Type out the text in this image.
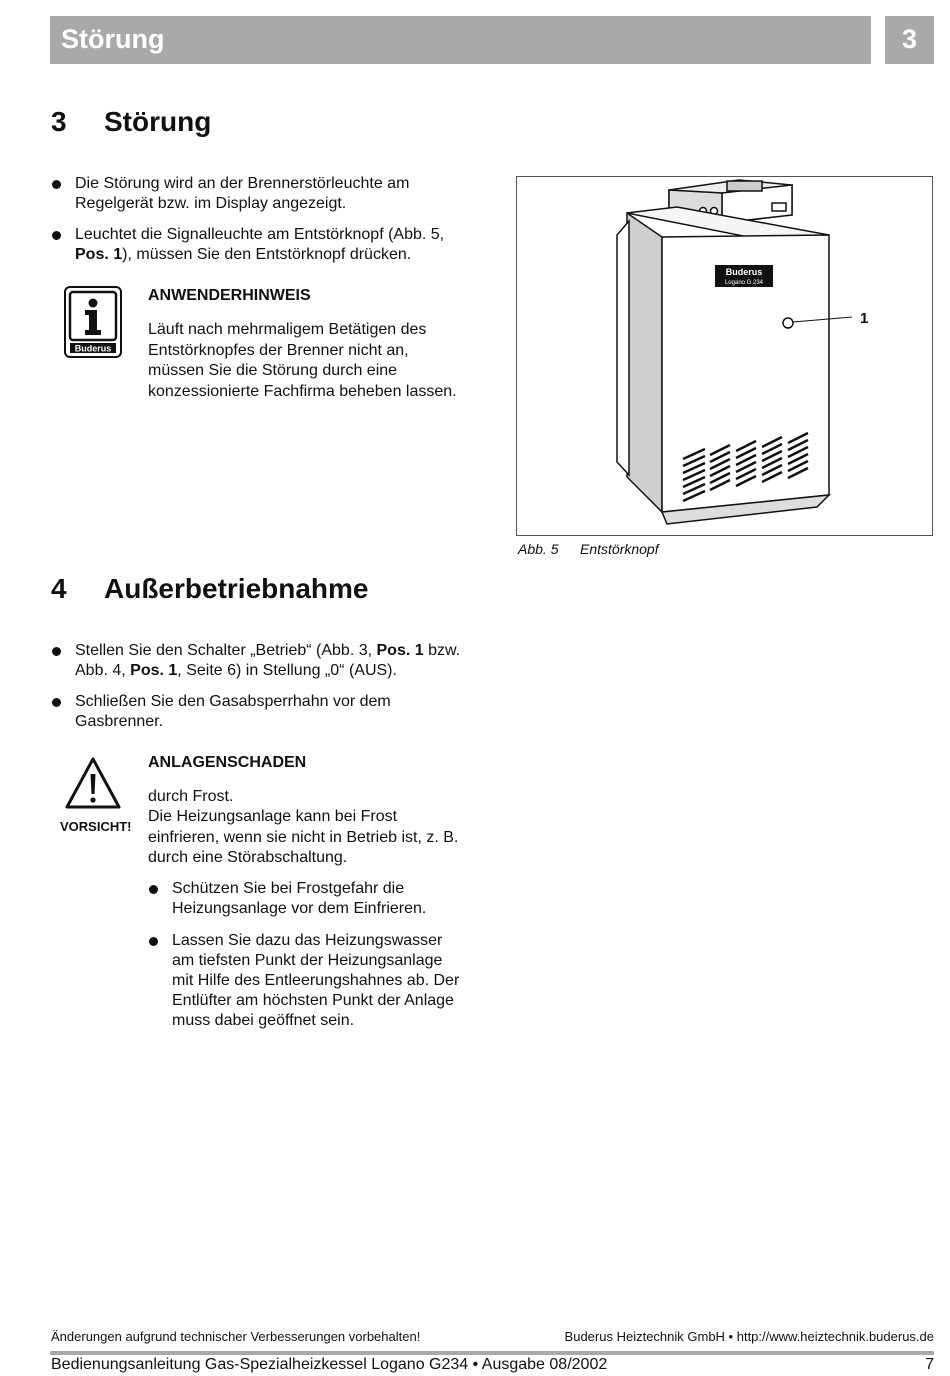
Störung	3
3 Störung
Die Störung wird an der Brennerstörleuchte am Regelgerät bzw. im Display angezeigt.
Leuchtet die Signalleuchte am Entstörknopf (Abb. 5, Pos. 1), müssen Sie den Entstörknopf drücken.
Buderus
ANWENDERHINWEIS
Läuft nach mehrmaligem Betätigen des Entstörknopfes der Brenner nicht an, müssen Sie die Störung durch eine konzessionierte Fachfirma beheben lassen.
Buderus
Logano G 234
1
Abb. 5 Entstörknopf
4 Außerbetriebnahme
Stellen Sie den Schalter „Betrieb“ (Abb. 3, Pos. 1 bzw. Abb. 4, Pos. 1, Seite 6) in Stellung „0“ (AUS).
Schließen Sie den Gasabsperrhahn vor dem Gasbrenner.
VORSICHT!
ANLAGENSCHADEN
durch Frost.
Die Heizungsanlage kann bei Frost einfrieren, wenn sie nicht in Betrieb ist, z. B. durch eine Störabschaltung.
Schützen Sie bei Frostgefahr die Heizungsanlage vor dem Einfrieren.
Lassen Sie dazu das Heizungswasser am tiefsten Punkt der Heizungsanlage mit Hilfe des Entleerungshahnes ab. Der Entlüfter am höchsten Punkt der Anlage muss dabei geöffnet sein.
Änderungen aufgrund technischer Verbesserungen vorbehalten!	Buderus Heiztechnik GmbH • http://www.heiztechnik.buderus.de
Bedienungsanleitung Gas-Spezialheizkessel Logano G234 • Ausgabe 08/2002	7
